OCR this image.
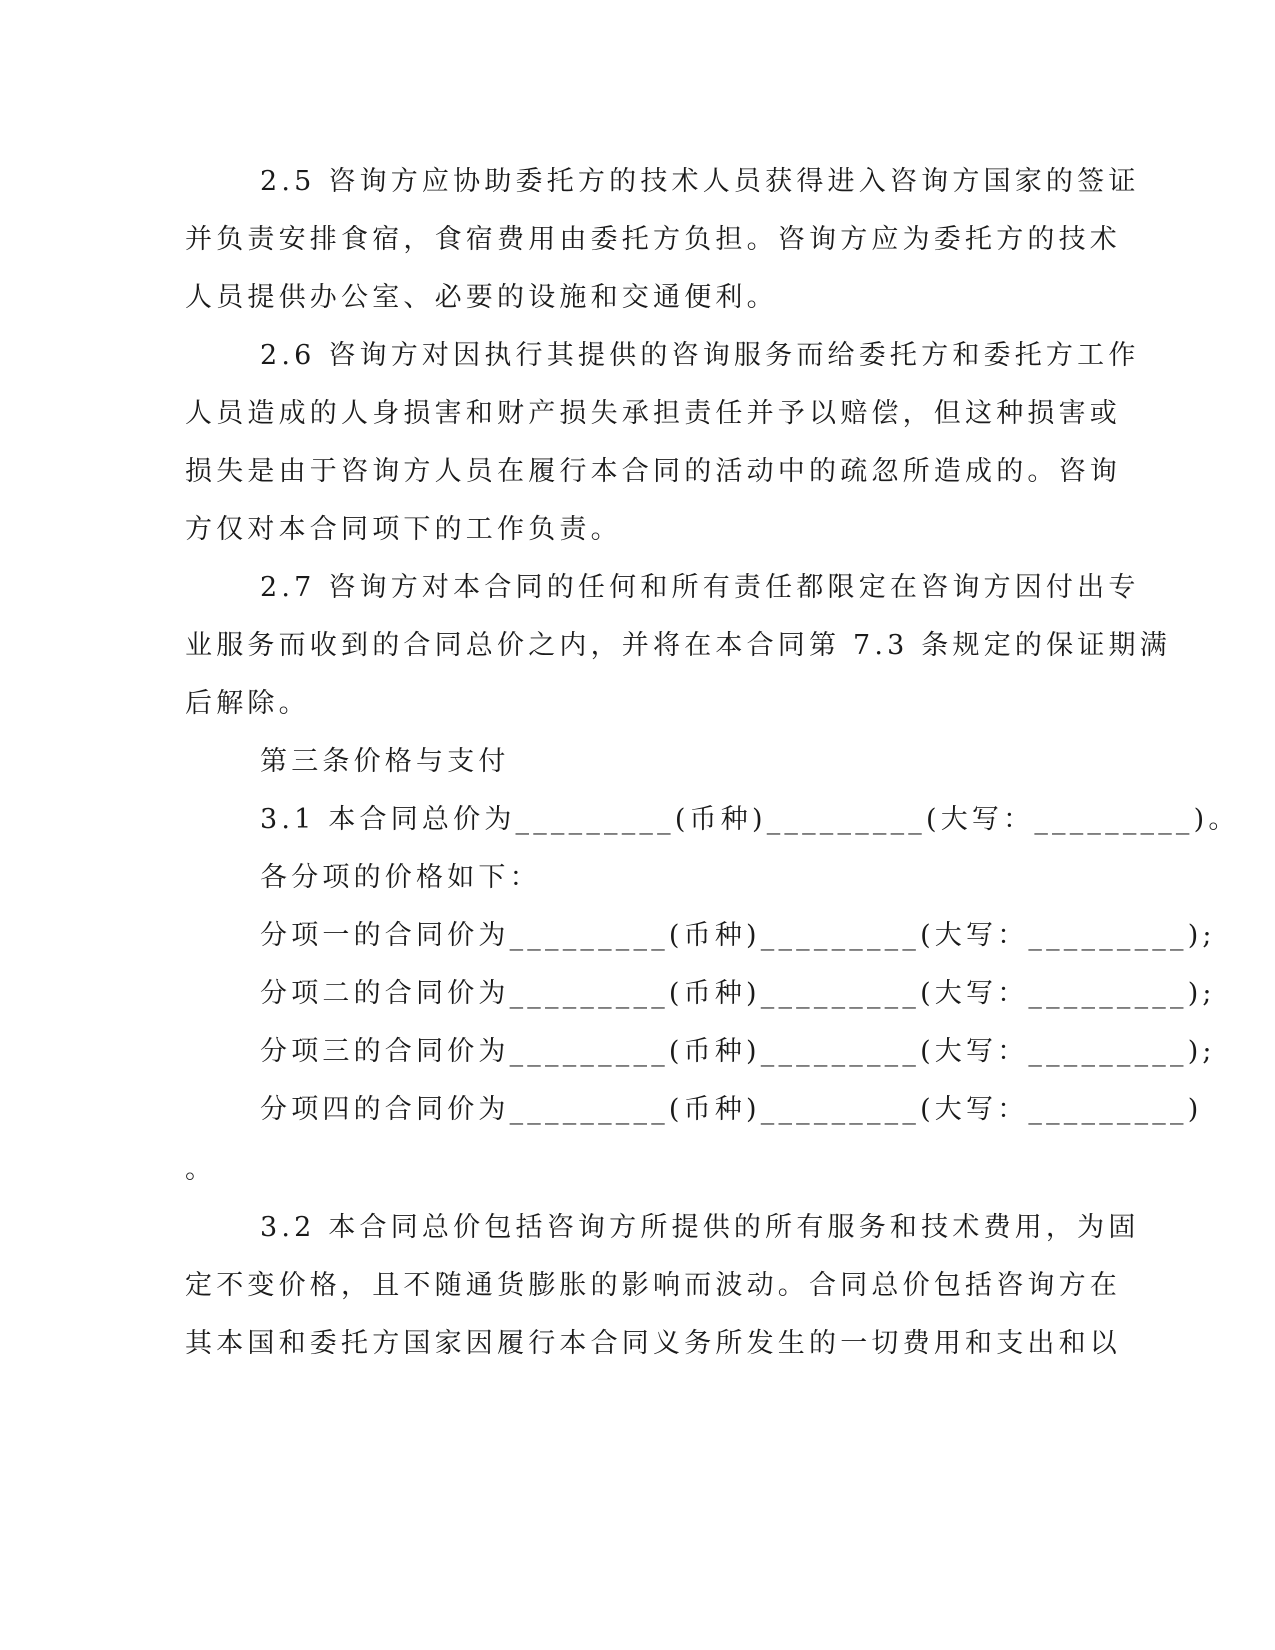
2.5 咨询方应协助委托方的技术人员获得进入咨询方国家的签证
并负责安排食宿，食宿费用由委托方负担。咨询方应为委托方的技术
人员提供办公室、必要的设施和交通便利。
2.6 咨询方对因执行其提供的咨询服务而给委托方和委托方工作
人员造成的人身损害和财产损失承担责任并予以赔偿，但这种损害或
损失是由于咨询方人员在履行本合同的活动中的疏忽所造成的。咨询
方仅对本合同项下的工作负责。
2.7 咨询方对本合同的任何和所有责任都限定在咨询方因付出专
业服务而收到的合同总价之内，并将在本合同第 7.3 条规定的保证期满
后解除。
第三条价格与支付
3.1 本合同总价为_________(币种)_________(大写：_________)。
各分项的价格如下：
分项一的合同价为_________(币种)_________(大写：_________);
分项二的合同价为_________(币种)_________(大写：_________);
分项三的合同价为_________(币种)_________(大写：_________);
分项四的合同价为_________(币种)_________(大写：_________)
。
3.2 本合同总价包括咨询方所提供的所有服务和技术费用，为固
定不变价格，且不随通货膨胀的影响而波动。合同总价包括咨询方在
其本国和委托方国家因履行本合同义务所发生的一切费用和支出和以
